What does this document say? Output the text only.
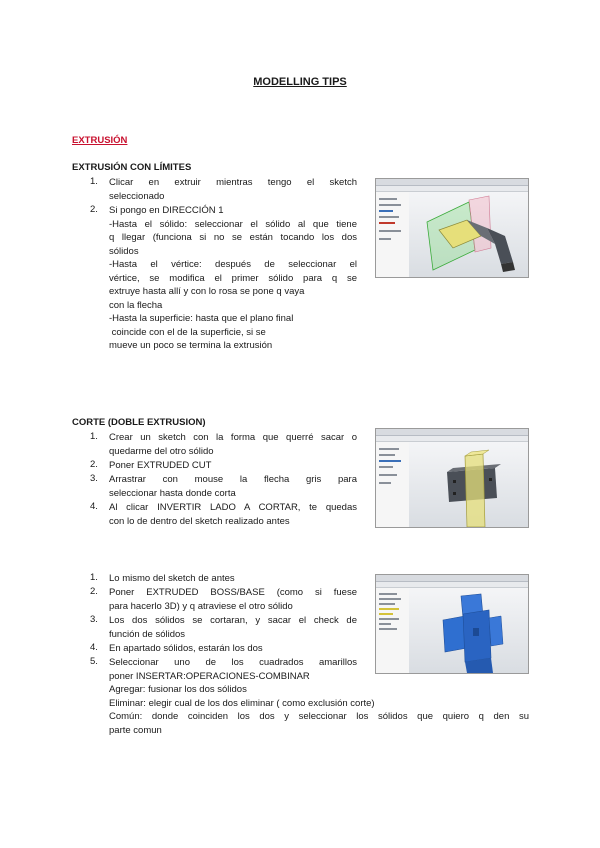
MODELLING TIPS
EXTRUSIÓN
EXTRUSIÓN CON LÍMITES
1. Clicar en extruir mientras tengo el sketch
seleccionado
2. Si pongo en DIRECCIÓN 1
-Hasta el sólido: seleccionar el sólido al que tiene
q llegar (funciona si no se están tocando los dos
sólidos
-Hasta el vértice: después de seleccionar el
vértice, se modifica el primer sólido para q se
extruye hasta allí y con lo rosa se pone q vaya
con la flecha
-Hasta la superficie: hasta que el plano final
coincide con el de la superficie, si se
mueve un poco se termina la extrusión
CORTE (DOBLE EXTRUSION)
1. Crear un sketch con la forma que querré sacar o
quedarme del otro sólido
2. Poner EXTRUDED CUT
3. Arrastrar con mouse la flecha gris para
seleccionar hasta donde corta
4. Al clicar INVERTIR LADO A CORTAR, te quedas
con lo de dentro del sketch realizado antes
1. Lo mismo del sketch de antes
2. Poner EXTRUDED BOSS/BASE (como si fuese
para hacerlo 3D) y q atraviese el otro sólido
3. Los dos sólidos se cortaran, y sacar el check de
función de sólidos
4. En apartado sólidos, estarán los dos
5. Seleccionar uno de los cuadrados amarillos
poner INSERTAR:OPERACIONES-COMBINAR
Agregar: fusionar los dos sólidos
Eliminar: elegir cual de los dos eliminar ( como exclusión corte)
Común: donde coinciden los dos y seleccionar los sólidos que quiero q den su
parte comun
